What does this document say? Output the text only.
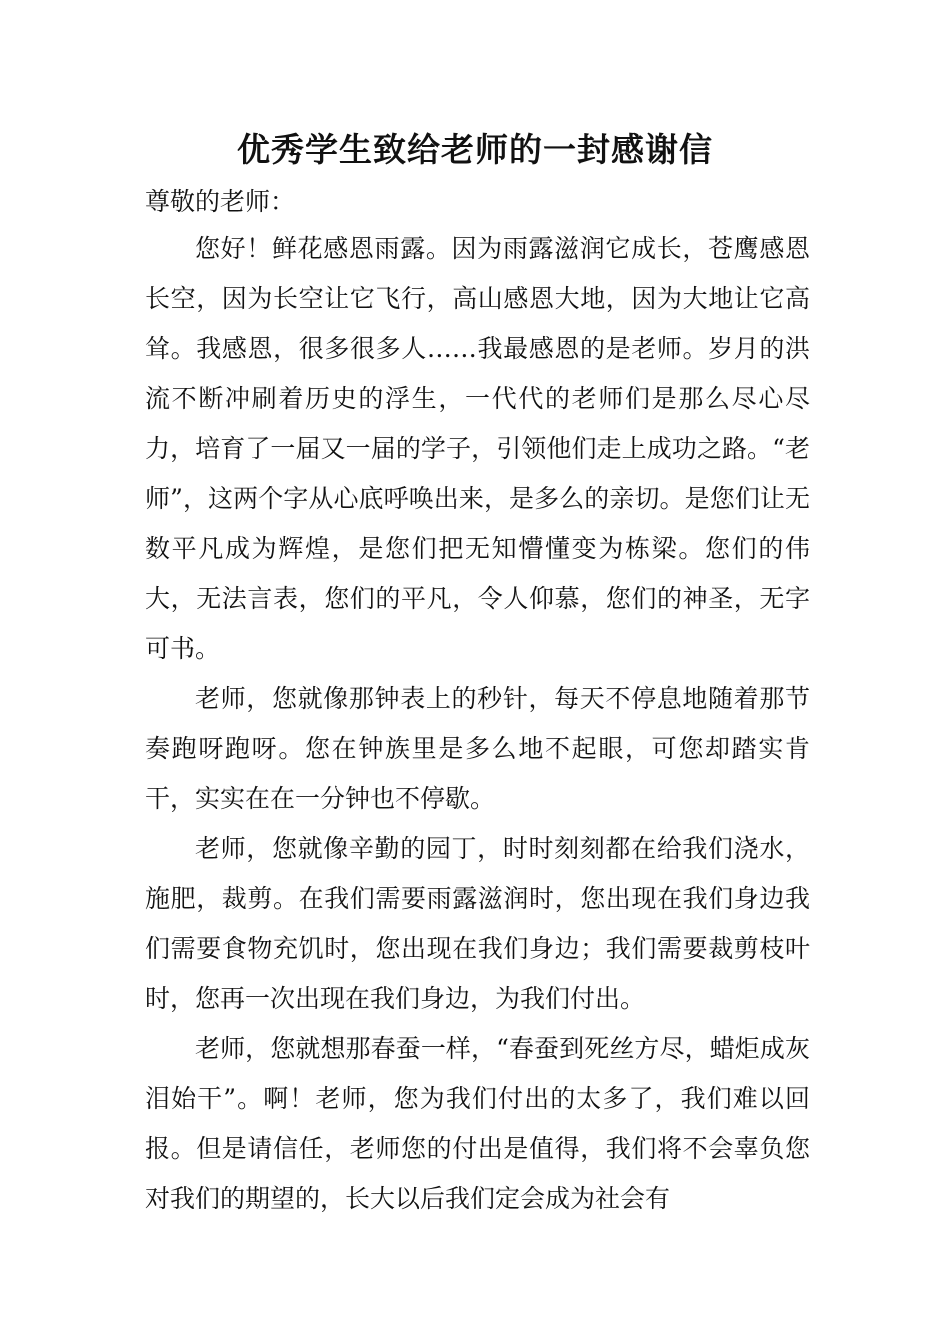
优秀学生致给老师的一封感谢信

尊敬的老师：

您好！鲜花感恩雨露。因为雨露滋润它成长，苍鹰感恩长空，因为长空让它飞行，高山感恩大地，因为大地让它高耸。我感恩，很多很多人……我最感恩的是老师。岁月的洪流不断冲刷着历史的浮生，一代代的老师们是那么尽心尽力，培育了一届又一届的学子，引领他们走上成功之路。“老师”，这两个字从心底呼唤出来，是多么的亲切。是您们让无数平凡成为辉煌，是您们把无知懵懂变为栋梁。您们的伟大，无法言表，您们的平凡，令人仰慕，您们的神圣，无字可书。

老师，您就像那钟表上的秒针，每天不停息地随着那节奏跑呀跑呀。您在钟族里是多么地不起眼，可您却踏实肯干，实实在在一分钟也不停歇。

老师，您就像辛勤的园丁，时时刻刻都在给我们浇水，施肥，裁剪。在我们需要雨露滋润时，您出现在我们身边我们需要食物充饥时，您出现在我们身边；我们需要裁剪枝叶时，您再一次出现在我们身边，为我们付出。

老师，您就想那春蚕一样，“春蚕到死丝方尽，蜡炬成灰泪始干”。啊！老师，您为我们付出的太多了，我们难以回报。但是请信任，老师您的付出是值得，我们将不会辜负您对我们的期望的，长大以后我们定会成为社会有
